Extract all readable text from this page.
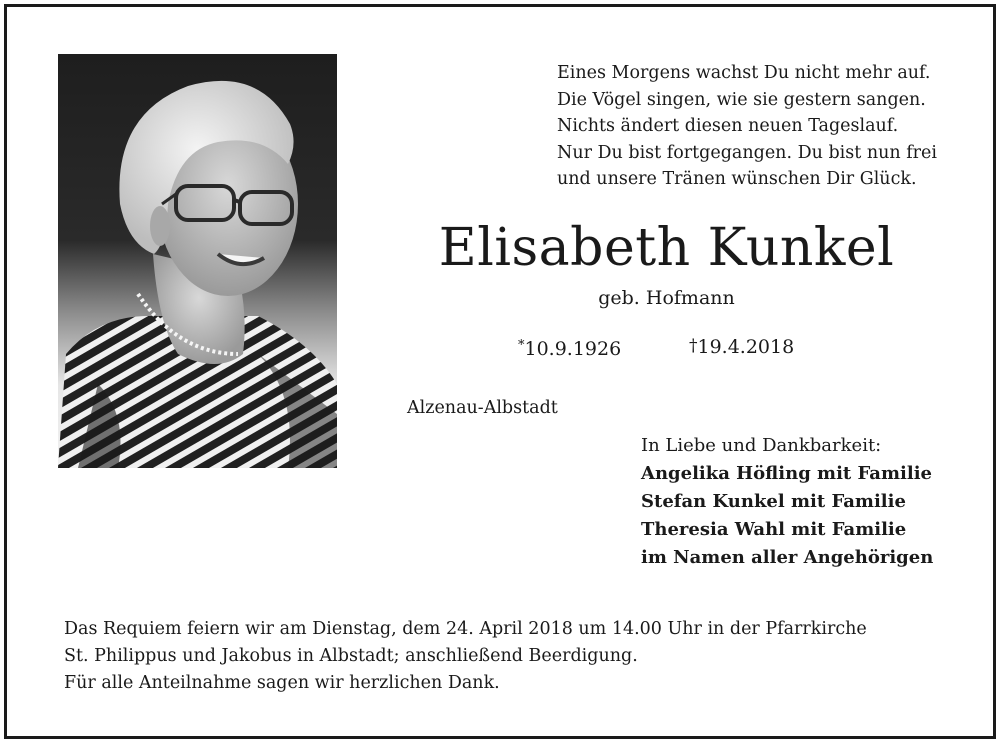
Eines Morgens wachst Du nicht mehr auf.
Die Vögel singen, wie sie gestern sangen.
Nichts ändert diesen neuen Tageslauf.
Nur Du bist fortgegangen. Du bist nun frei
und unsere Tränen wünschen Dir Glück.
Elisabeth Kunkel
geb. Hofmann
*10.9.1926	†19.4.2018
Alzenau-Albstadt
In Liebe und Dankbarkeit:
Angelika Höfling mit Familie
Stefan Kunkel mit Familie
Theresia Wahl mit Familie
im Namen aller Angehörigen
Das Requiem feiern wir am Dienstag, dem 24. April 2018 um 14.00 Uhr in der Pfarrkirche
St. Philippus und Jakobus in Albstadt; anschließend Beerdigung.
Für alle Anteilnahme sagen wir herzlichen Dank.
